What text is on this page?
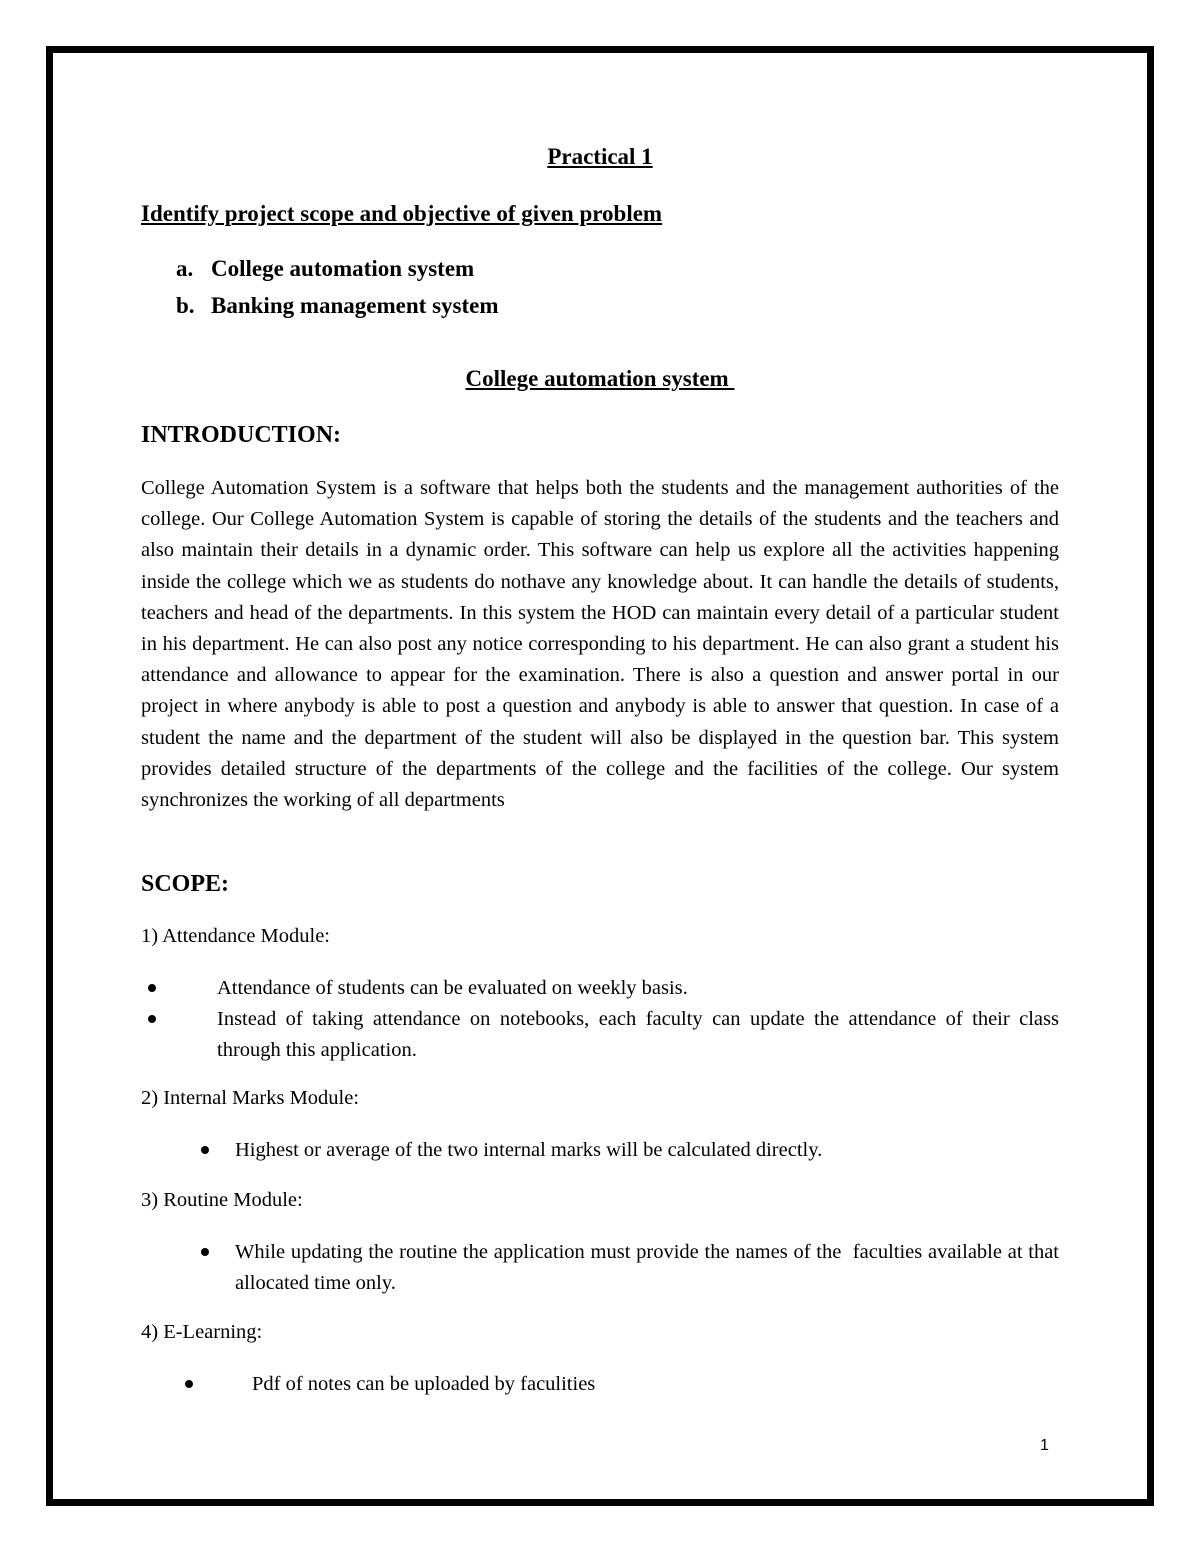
Practical 1
Identify project scope and objective of given problem
a. College automation system
b. Banking management system
College automation system
INTRODUCTION:

College Automation System is a software that helps both the students and the management authorities of the college. Our College Automation System is capable of storing the details of the students and the teachers and also maintain their details in a dynamic order. This software can help us explore all the activities happening inside the college which we as students do nothave any knowledge about. It can handle the details of students, teachers and head of the departments. In this system the HOD can maintain every detail of a particular student in his department. He can also post any notice corresponding to his department. He can also grant a student his attendance and allowance to appear for the examination. There is also a question and answer portal in our project in where anybody is able to post a question and anybody is able to answer that question. In case of a student the name and the department of the student will also be displayed in the question bar. This system provides detailed structure of the departments of the college and the facilities of the college. Our system synchronizes the working of all departments

SCOPE:
1) Attendance Module:
Attendance of students can be evaluated on weekly basis.
Instead of taking attendance on notebooks, each faculty can update the attendance of their class through this application.
2) Internal Marks Module:
Highest or average of the two internal marks will be calculated directly.
3) Routine Module:
While updating the routine the application must provide the names of the  faculties available at that allocated time only.
4) E-Learning:
Pdf of notes can be uploaded by faculities
1
